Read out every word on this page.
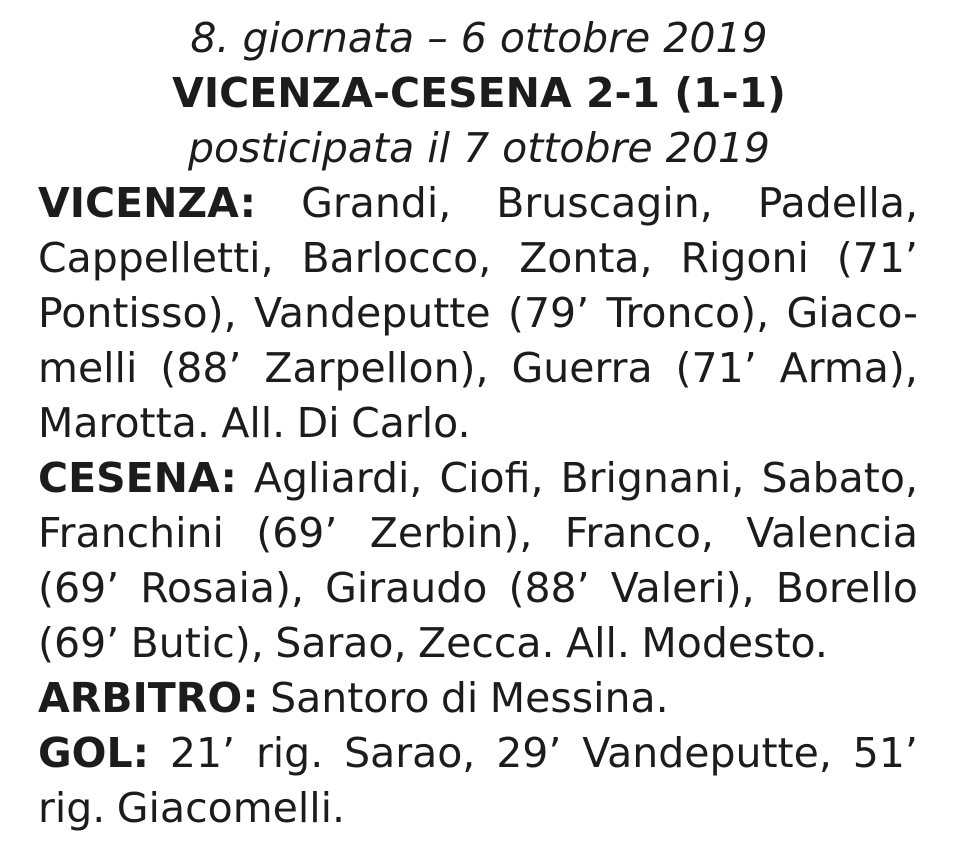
8. giornata – 6 ottobre 2019
VICENZA-CESENA 2-1 (1-1)
posticipata il 7 ottobre 2019
VICENZA: Grandi, Bruscagin, Padella,
Cappelletti, Barlocco, Zonta, Rigoni (71’
Pontisso), Vandeputte (79’ Tronco), Giaco-
melli (88’ Zarpellon), Guerra (71’ Arma),
Marotta. All. Di Carlo.
CESENA: Agliardi, Ciofi, Brignani, Sabato,
Franchini (69’ Zerbin), Franco, Valencia
(69’ Rosaia), Giraudo (88’ Valeri), Borello
(69’ Butic), Sarao, Zecca. All. Modesto.
ARBITRO: Santoro di Messina.
GOL: 21’ rig. Sarao, 29’ Vandeputte, 51’
rig. Giacomelli.
